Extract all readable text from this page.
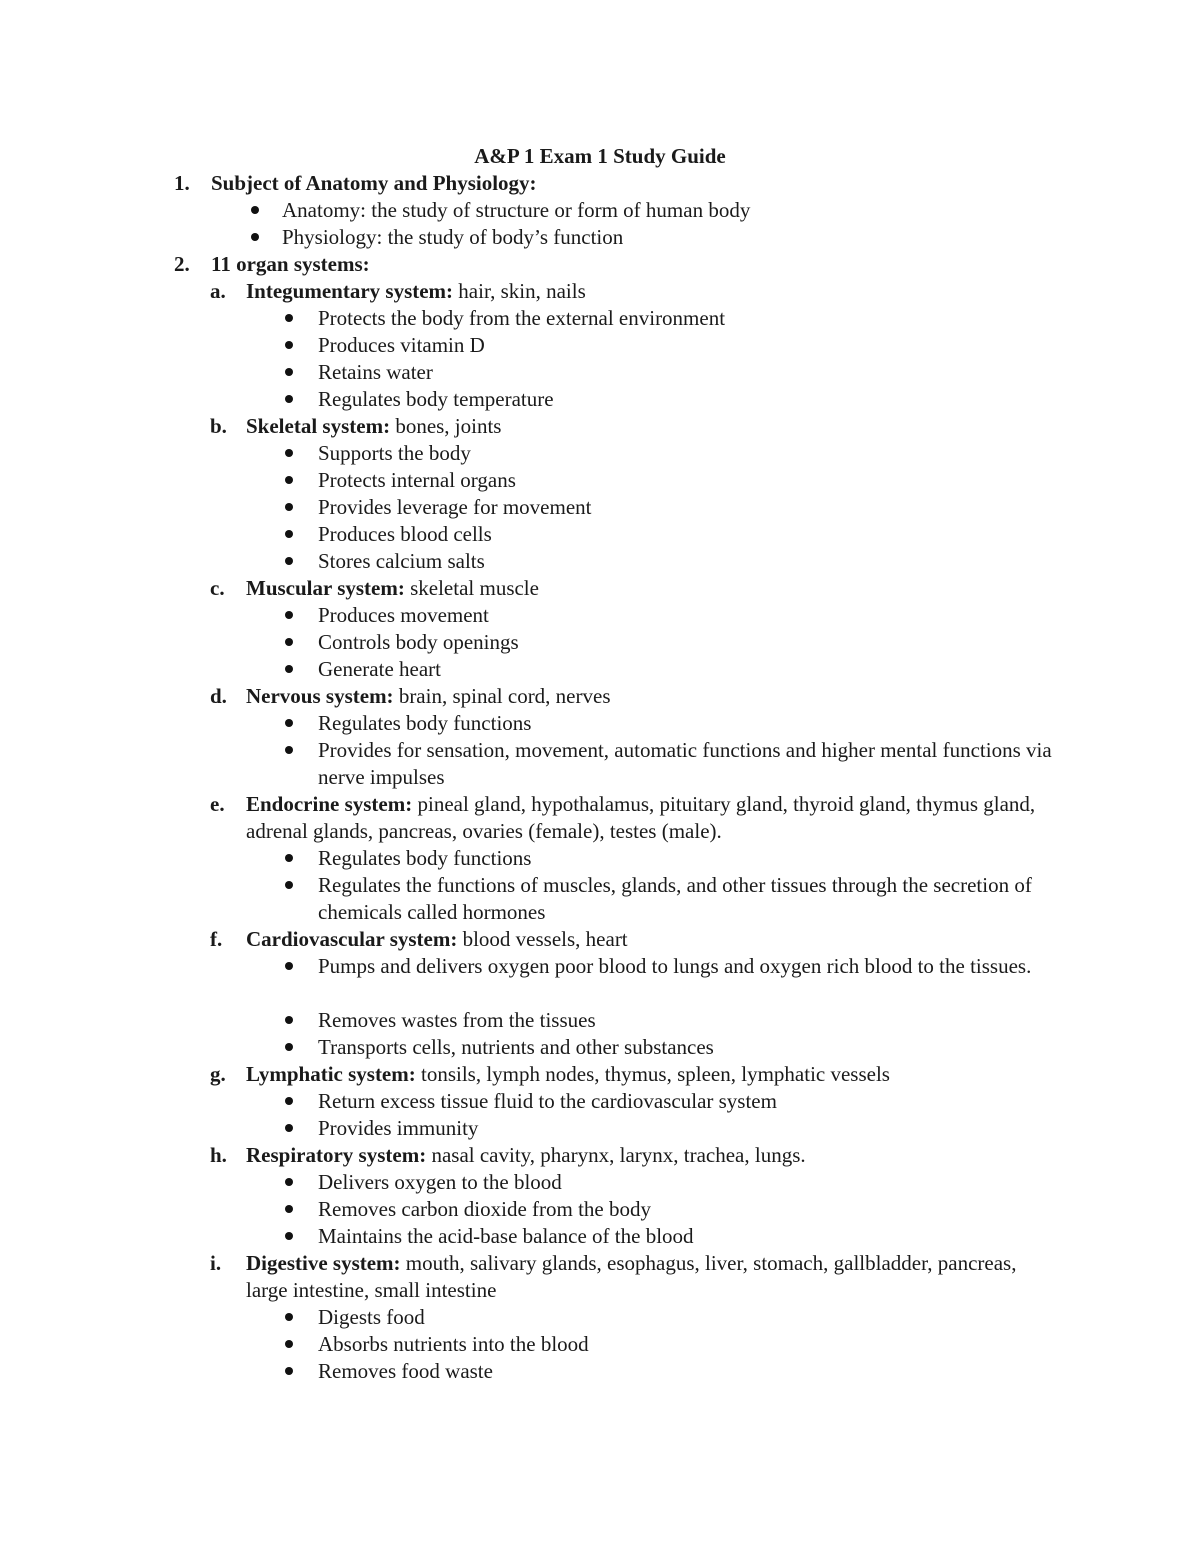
A&P 1 Exam 1 Study Guide
1. Subject of Anatomy and Physiology:
Anatomy: the study of structure or form of human body
Physiology: the study of body’s function
2. 11 organ systems:
a. Integumentary system: hair, skin, nails
Protects the body from the external environment
Produces vitamin D
Retains water
Regulates body temperature
b. Skeletal system: bones, joints
Supports the body
Protects internal organs
Provides leverage for movement
Produces blood cells
Stores calcium salts
c. Muscular system: skeletal muscle
Produces movement
Controls body openings
Generate heart
d. Nervous system: brain, spinal cord, nerves
Regulates body functions
Provides for sensation, movement, automatic functions and higher mental functions via nerve impulses
e. Endocrine system: pineal gland, hypothalamus, pituitary gland, thyroid gland, thymus gland, adrenal glands, pancreas, ovaries (female), testes (male).
Regulates body functions
Regulates the functions of muscles, glands, and other tissues through the secretion of chemicals called hormones
f. Cardiovascular system: blood vessels, heart
Pumps and delivers oxygen poor blood to lungs and oxygen rich blood to the tissues.
Removes wastes from the tissues
Transports cells, nutrients and other substances
g. Lymphatic system: tonsils, lymph nodes, thymus, spleen, lymphatic vessels
Return excess tissue fluid to the cardiovascular system
Provides immunity
h. Respiratory system: nasal cavity, pharynx, larynx, trachea, lungs.
Delivers oxygen to the blood
Removes carbon dioxide from the body
Maintains the acid-base balance of the blood
i. Digestive system: mouth, salivary glands, esophagus, liver, stomach, gallbladder, pancreas, large intestine, small intestine
Digests food
Absorbs nutrients into the blood
Removes food waste
